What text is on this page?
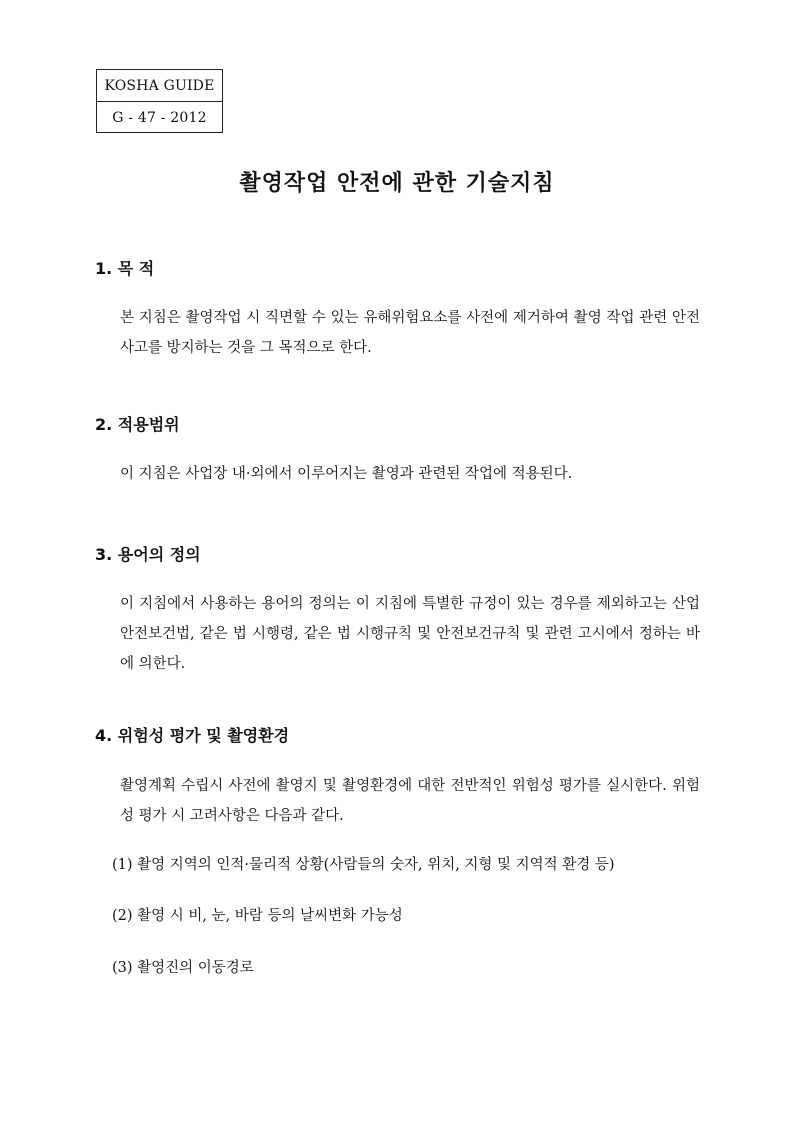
KOSHA GUIDE
G - 47 - 2012
촬영작업 안전에 관한 기술지침
1. 목 적
본 지침은 촬영작업 시 직면할 수 있는 유해위험요소를 사전에 제거하여 촬영 작업 관련 안전사고를 방지하는 것을 그 목적으로 한다.
2. 적용범위
이 지침은 사업장 내·외에서 이루어지는 촬영과 관련된 작업에 적용된다.
3. 용어의 정의
이 지침에서 사용하는 용어의 정의는 이 지침에 특별한 규정이 있는 경우를 제외하고는 산업안전보건법, 같은 법 시행령, 같은 법 시행규칙 및 안전보건규칙 및 관련 고시에서 정하는 바에 의한다.
4. 위험성 평가 및 촬영환경
촬영계획 수립시 사전에 촬영지 및 촬영환경에 대한 전반적인 위험성 평가를 실시한다. 위험성 평가 시 고려사항은 다음과 같다.
(1) 촬영 지역의 인적·물리적 상황(사람들의 숫자, 위치, 지형 및 지역적 환경 등)
(2) 촬영 시 비, 눈, 바람 등의 날씨변화 가능성
(3) 촬영진의 이동경로
